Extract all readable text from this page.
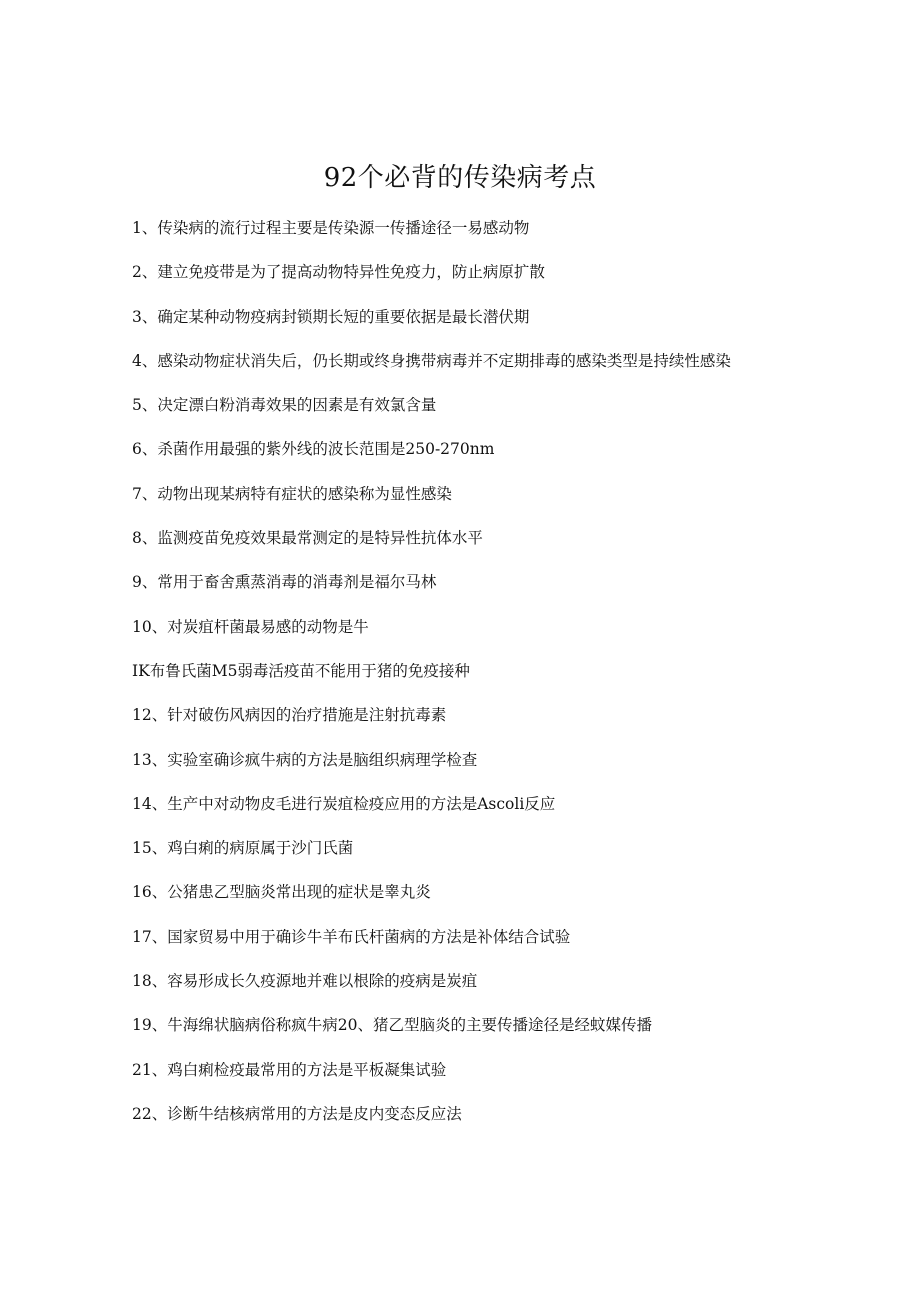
92个必背的传染病考点
1、传染病的流行过程主要是传染源一传播途径一易感动物
2、建立免疫带是为了提高动物特异性免疫力，防止病原扩散
3、确定某种动物疫病封锁期长短的重要依据是最长潜伏期
4、感染动物症状消失后，仍长期或终身携带病毒并不定期排毒的感染类型是持续性感染
5、决定漂白粉消毒效果的因素是有效氯含量
6、杀菌作用最强的紫外线的波长范围是250-270nm
7、动物出现某病特有症状的感染称为显性感染
8、监测疫苗免疫效果最常测定的是特异性抗体水平
9、常用于畜舍熏蒸消毒的消毒剂是福尔马林
10、对炭疽杆菌最易感的动物是牛
IK布鲁氏菌M5弱毒活疫苗不能用于猪的免疫接种
12、针对破伤风病因的治疗措施是注射抗毒素
13、实验室确诊疯牛病的方法是脑组织病理学检查
14、生产中对动物皮毛进行炭疽检疫应用的方法是Ascoli反应
15、鸡白痢的病原属于沙门氏菌
16、公猪患乙型脑炎常出现的症状是睾丸炎
17、国家贸易中用于确诊牛羊布氏杆菌病的方法是补体结合试验
18、容易形成长久疫源地并难以根除的疫病是炭疽
19、牛海绵状脑病俗称疯牛病20、猪乙型脑炎的主要传播途径是经蚊媒传播
21、鸡白痢检疫最常用的方法是平板凝集试验
22、诊断牛结核病常用的方法是皮内变态反应法
